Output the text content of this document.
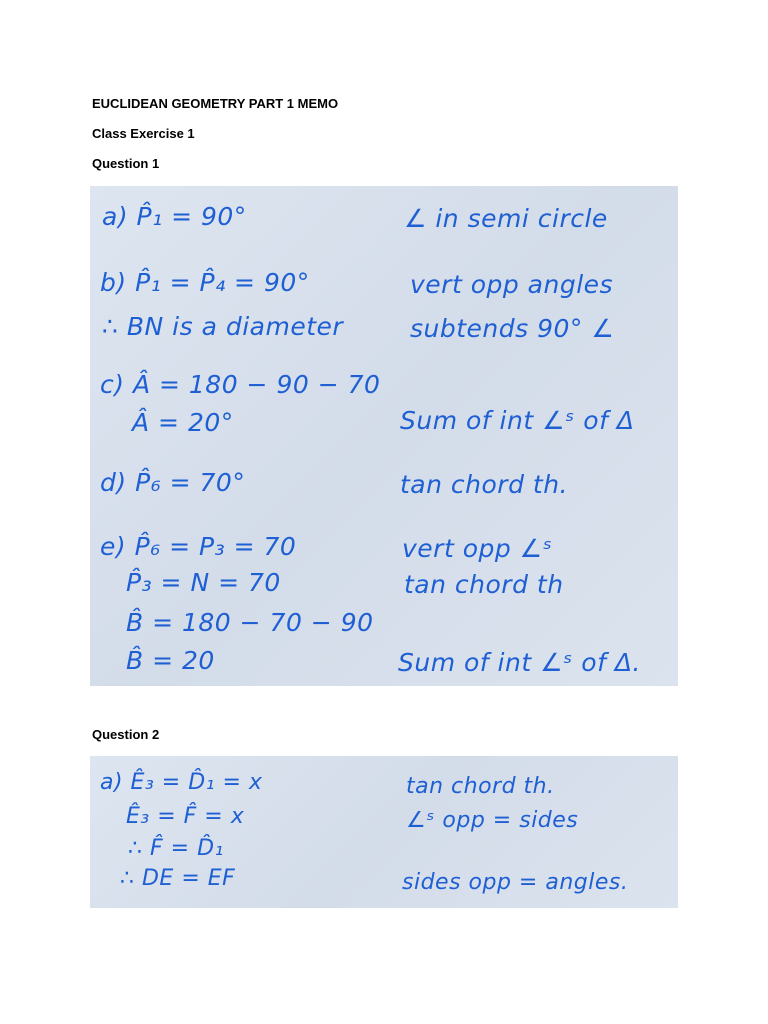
EUCLIDEAN GEOMETRY PART 1 MEMO

Class Exercise 1

Question 1

a) P̂₁ = 90°	∠ in semi circle
b) P̂₁ = P̂₄ = 90°	vert opp angles
∴ BN is a diameter	subtends 90° ∠
c) Â = 180 − 90 − 70
Â = 20°	Sum of int ∠ˢ of Δ
d) P̂₆ = 70°	tan chord th.
e) P̂₆ = P₃ = 70	vert opp ∠ˢ
P̂₃ = N = 70	tan chord th
B̂ = 180 − 70 − 90
B̂ = 20	Sum of int ∠ˢ of Δ.

Question 2

a) Ê₃ = D̂₁ = x	tan chord th.
Ê₃ = F̂ = x	∠ˢ opp = sides
∴ F̂ = D̂₁
∴ DE = EF	sides opp = angles.
